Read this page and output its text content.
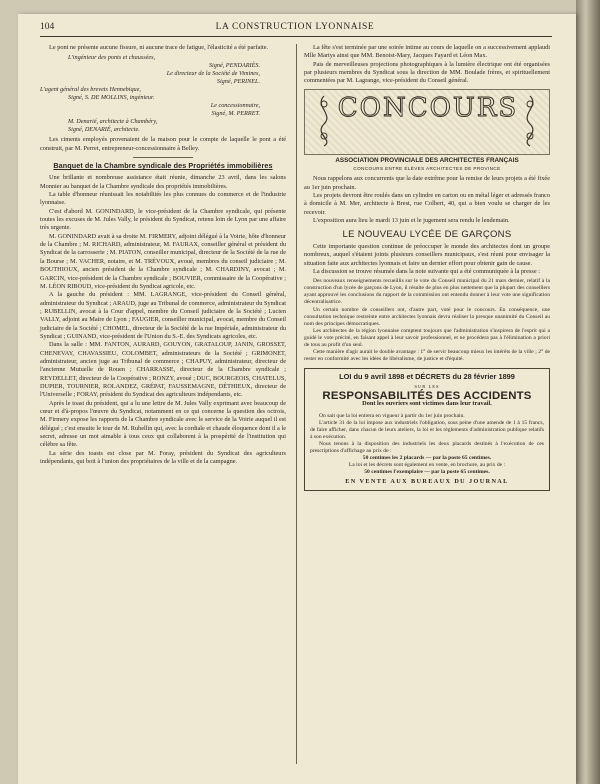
104	LA CONSTRUCTION LYONNAISE

Le pont ne présente aucune fissure, ni aucune trace de fatigue, l'élasticité a été parfaite.

L'ingénieur des ponts et chaussées,
Signé, PENDARIÈS.
Le directeur de la Société de Vimines,
Signé, PERINEL.
L'agent général des brevets Hennebique,
Signé, S. DE MOLLINS, ingénieur.
Le concessionnaire,
Signé, M. PERRET.
M. Denarié, architecte à Chambéry,
Signé, DENARIÉ, architecte.

Les ciments employés provenaient de la maison pour le compte de laquelle le pont a été construit, par M. Perret, entrepreneur-concessionnaire à Belley.

Banquet de la Chambre syndicale des Propriétés immobilières

Une brillante et nombreuse assistance était réunie, dimanche 23 avril, dans les salons Monnier au banquet de la Chambre syndicale des propriétés immobilières.

La table d'honneur réunissait les notabilités les plus connues du commerce et de l'industrie lyonnaise.

C'est d'abord M. GONINDARD, le vice-président de la Chambre syndicale, qui présente toutes les excuses de M. Jules Vally, le président du Syndicat, retenu loin de Lyon par une affaire très urgente.

M. GONINDARD avait à sa droite M. FIRMERY, adjoint délégué à la Voirie, hôte d'honneur de la Chambre ; M. RICHARD, administrateur, M. FAURAX, conseiller général et président du Syndicat de la carrosserie ; M. PIATON, conseiller municipal, directeur de la Société de la rue de la Bourse ; M. VACHER, notaire, et M. TRÉVOUX, avoué, membres du conseil judiciaire ; M. BOUTHIOUX, ancien président de la Chambre syndicale ; M. CHARDINY, avocat ; M. GARCIN, vice-président de la Chambre syndicale ; BOUVIER, commissaire de la Coopérative ; M. LÉON RIBOUD, vice-président du Syndicat agricole, etc.

A la gauche du président : MM. LAGRANGE, vice-président du Conseil général, administrateur du Syndicat ; ARAUD, juge au Tribunal de commerce, administrateur du Syndicat ; RUBELLIN, avocat à la Cour d'appel, membre du Conseil judiciaire de la Société ; Lucien VALLY, adjoint au Maire de Lyon ; FAUGIER, conseiller municipal, avocat, membre du Conseil judiciaire de la Société ; CHOMEL, directeur de la Société de la rue Impériale, administrateur du Syndicat ; GUINAND, vice-président de l'Union du S.-E. des Syndicats agricoles, etc.

Dans la salle : MM. FANTON, AURARD, GOUYON, GRATALOUP, JANIN, GROSSET, CHENEVAY, CHAVASSIEU, COLOMBET, administrateurs de la Société ; GRIMONET, administrateur, ancien juge au Tribunal de commerce ; CHAPUY, administrateur, directeur de l'ancienne Mutuelle de Rouen ; CHARRASSE, directeur de la Chambre syndicale ; REYDELLET, directeur de la Coopérative ; RONZY, avoué ; DUC, BOURGEOIS, CHATELUS, DUPIER, TOURNIER, ROLANDEZ, GRÉPAT, FAUSSEMAGNE, DÉTHIEUX, directeur de l'Universelle ; FORAY, président du Syndicat des agriculteurs indépendants, etc.

Après le toast du président, qui a lu une lettre de M. Jules Vally exprimant avec beaucoup de cœur et d'à-propos l'œuvre du Syndicat, notamment en ce qui concerne la question des octrois, M. Firmery expose les rapports de la Chambre syndicale avec le service de la Voirie auquel il est délégué ; c'est ensuite le tour de M. Rubellin qui, avec la cordiale et chaude éloquence dont il a le secret, adresse un mot aimable à tous ceux qui collaborent à la prospérité de l'institution qui célèbre sa fête.

La série des toasts est close par M. Foray, président du Syndicat des agriculteurs indépendants, qui boit à l'union des propriétaires de la ville et de la campagne.

La fête s'est terminée par une soirée intime au cours de laquelle on a successivement applaudi Mlle Martys ainsi que MM. Benoist-Mary, Jacques Fayard et Léon Max.

Pais de merveilleuses projections photographiques à la lumière électrique ont été organisées par plusieurs membres du Syndicat sous la direction de MM. Boulade frères, et spirituellement commentées par M. Lagrange, vice-président du Conseil général.

CONCOURS
ASSOCIATION PROVINCIALE DES ARCHITECTES FRANÇAIS
CONCOURS ENTRE ÉLÈVES ARCHITECTES DE PROVINCE

Nous rappelons aux concurrents que la date extrême pour la remise de leurs projets a été fixée au 1er juin prochain.

Les projets devront être roulés dans un cylindre en carton ou en métal léger et adressés franco à domicile à M. Mer, architecte à Brest, rue Colbert, 40, qui a bien voulu se charger de les recevoir.

L'exposition aura lieu le mardi 13 juin et le jugement sera rendu le lendemain.

LE NOUVEAU LYCÉE DE GARÇONS

Cette importante question continue de préoccuper le monde des architectes dont un groupe nombreux, auquel s'étaient joints plusieurs conseillers municipaux, s'est réuni pour envisager la situation faite aux architectes lyonnais et faire un dernier effort pour obtenir gain de cause.

La discussion se trouve résumée dans la note suivante qui a été communiquée à la presse :

Des nouveaux renseignements recueillis sur le vote du Conseil municipal du 21 mars dernier, relatif à la construction d'un lycée de garçons de Lyon, il résulte de plus en plus nettement que la plupart des conseillers ayant approuvé les conclusions du rapport de la commission ont entendu donner à leur vote une signification décentralisatrice.

Un certain nombre de conseillers ont, d'autre part, voté pour le concours. En conséquence, une consultation technique restreinte entre architectes lyonnais devra réaliser la presque unanimité du Conseil au nom des principes démocratiques.

Les architectes de la région lyonnaise comptent toujours que l'administration s'inspirera de l'esprit qui a guidé le vote précité, en faisant appel à leur savoir professionnel, et ne procédera pas à l'élimination a priori de tous au profit d'un seul.

Cette manière d'agir aurait le double avantage : 1° de servir beaucoup mieux les intérêts de la ville ; 2° de rester en conformité avec les idées de libéralisme, de justice et d'équité.

LOI du 9 avril 1898 et DÉCRETS du 28 février 1899
SUR LES
RESPONSABILITÉS DES ACCIDENTS
Dont les ouvriers sont victimes dans leur travail.

On sait que la loi entrera en vigueur à partir du 1er juin prochain.

L'article 31 de la loi impose aux industriels l'obligation, sous peine d'une amende de 1 à 15 francs, de faire afficher, dans chacun de leurs ateliers, la loi et les règlements d'administration publique relatifs à son exécution.

Nous tenons à la disposition des industriels les deux placards destinés à l'exécution de ces prescriptions d'affichage au prix de :

50 centimes les 2 placards — par la poste 65 centimes.
La loi et les décrets sont également en vente, en brochure, au prix de :
50 centimes l'exemplaire — par la poste 65 centimes.
EN VENTE AUX BUREAUX DU JOURNAL
